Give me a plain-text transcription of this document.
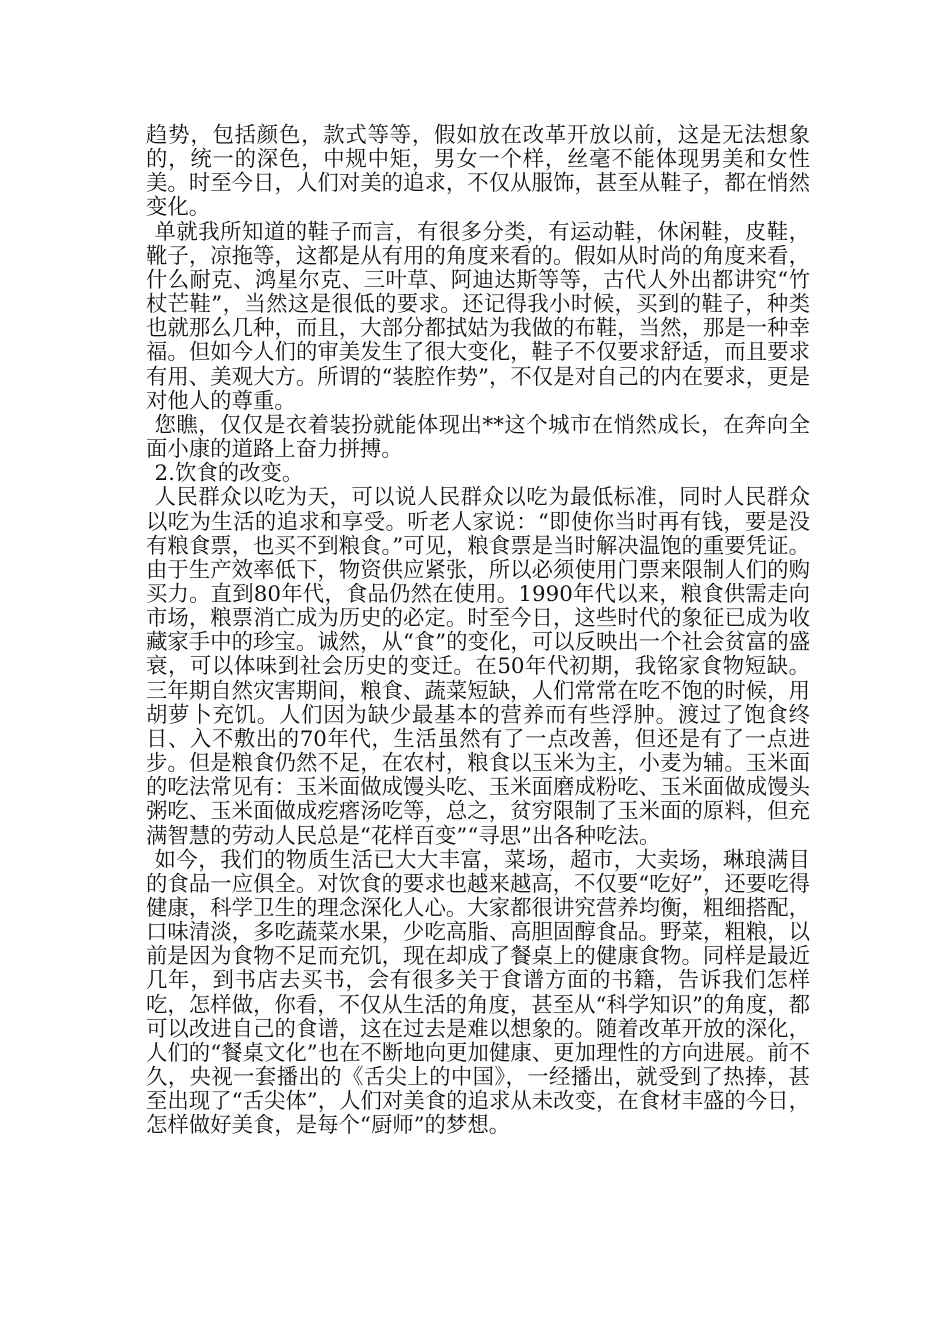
趋势，包括颜色，款式等等，假如放在改革开放以前，这是无法想象的，统一的深色，中规中矩，男女一个样，丝毫不能体现男美和女性美。时至今日，人们对美的追求，不仅从服饰，甚至从鞋子，都在悄然变化。

单就我所知道的鞋子而言，有很多分类，有运动鞋，休闲鞋，皮鞋，靴子，凉拖等，这都是从有用的角度来看的。假如从时尚的角度来看，什么耐克、鸿星尔克、三叶草、阿迪达斯等等，古代人外出都讲究“竹杖芒鞋”，当然这是很低的要求。还记得我小时候，买到的鞋子，种类也就那么几种，而且，大部分都拭姑为我做的布鞋，当然，那是一种幸福。但如今人们的审美发生了很大变化，鞋子不仅要求舒适，而且要求有用、美观大方。所谓的“装腔作势”，不仅是对自己的内在要求，更是对他人的尊重。

您瞧，仅仅是衣着装扮就能体现出**这个城市在悄然成长，在奔向全面小康的道路上奋力拼搏。

2.饮食的改变。

人民群众以吃为天，可以说人民群众以吃为最低标准，同时人民群众以吃为生活的追求和享受。听老人家说：“即使你当时再有钱，要是没有粮食票，也买不到粮食。”可见，粮食票是当时解决温饱的重要凭证。由于生产效率低下，物资供应紧张，所以必须使用门票来限制人们的购买力。直到80年代，食品仍然在使用。1990年代以来，粮食供需走向市场，粮票消亡成为历史的必定。时至今日，这些时代的象征已成为收藏家手中的珍宝。诚然，从“食”的变化，可以反映出一个社会贫富的盛衰，可以体味到社会历史的变迁。在50年代初期，我铭家食物短缺。三年期自然灾害期间，粮食、蔬菜短缺，人们常常在吃不饱的时候，用胡萝卜充饥。人们因为缺少最基本的营养而有些浮肿。渡过了饱食终日、入不敷出的70年代，生活虽然有了一点改善，但还是有了一点进步。但是粮食仍然不足，在农村，粮食以玉米为主，小麦为辅。玉米面的吃法常见有：玉米面做成馒头吃、玉米面磨成粉吃、玉米面做成馒头粥吃、玉米面做成疙瘩汤吃等，总之，贫穷限制了玉米面的原料，但充满智慧的劳动人民总是“花样百变”“寻思”出各种吃法。

如今，我们的物质生活已大大丰富，菜场，超市，大卖场，琳琅满目的食品一应俱全。对饮食的要求也越来越高，不仅要“吃好”，还要吃得健康，科学卫生的理念深化人心。大家都很讲究营养均衡，粗细搭配，口味清淡，多吃蔬菜水果，少吃高脂、高胆固醇食品。野菜，粗粮，以前是因为食物不足而充饥，现在却成了餐桌上的健康食物。同样是最近几年，到书店去买书，会有很多关于食谱方面的书籍，告诉我们怎样吃，怎样做，你看，不仅从生活的角度，甚至从“科学知识”的角度，都可以改进自己的食谱，这在过去是难以想象的。随着改革开放的深化，人们的“餐桌文化”也在不断地向更加健康、更加理性的方向进展。前不久，央视一套播出的《舌尖上的中国》，一经播出，就受到了热捧，甚至出现了“舌尖体”，人们对美食的追求从未改变，在食材丰盛的今日，怎样做好美食，是每个“厨师”的梦想。
